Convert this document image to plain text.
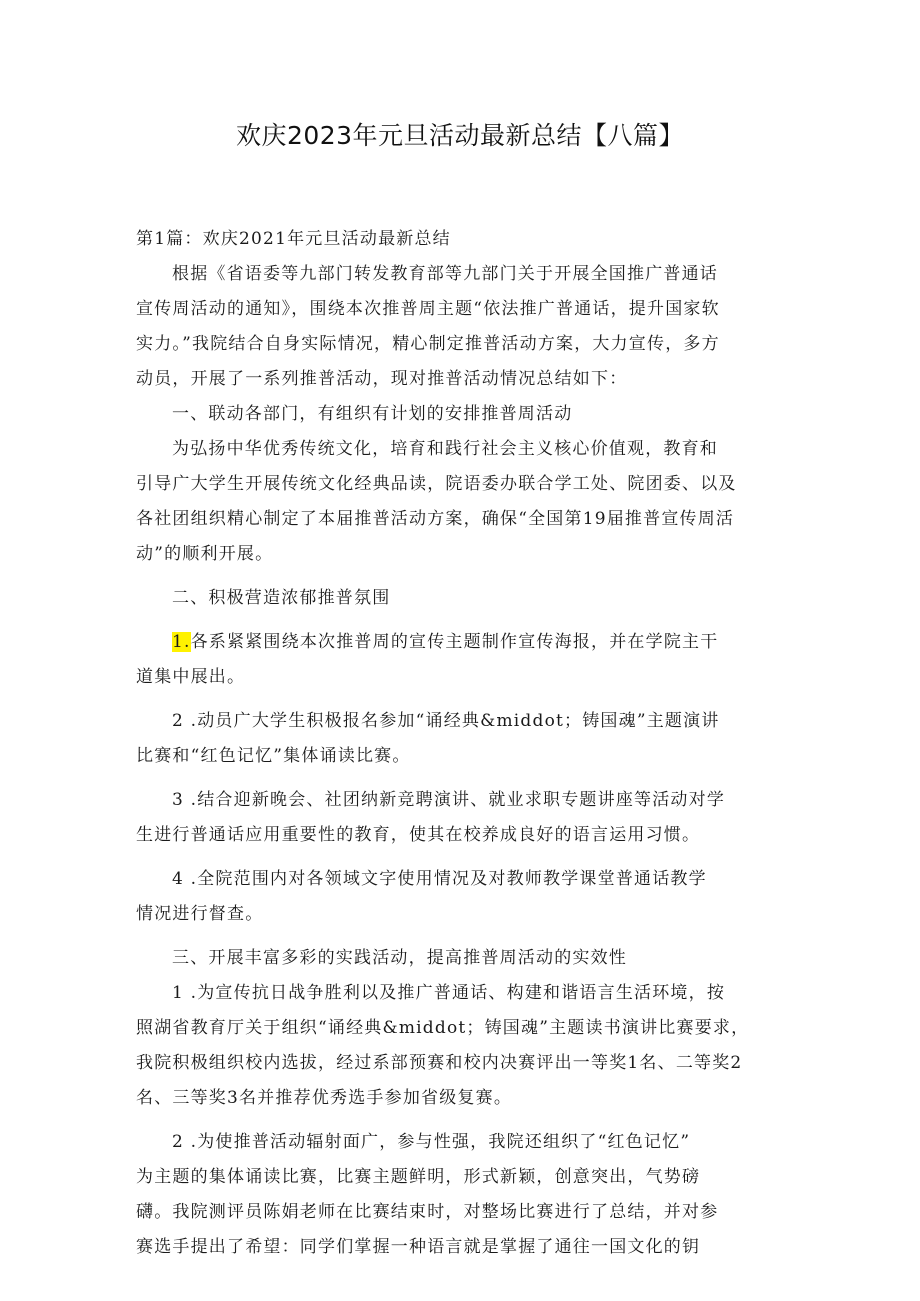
欢庆2023年元旦活动最新总结【八篇】
第1篇：欢庆2021年元旦活动最新总结
根据《省语委等九部门转发教育部等九部门关于开展全国推广普通话
宣传周活动的通知》，围绕本次推普周主题“依法推广普通话，提升国家软
实力。”我院结合自身实际情况，精心制定推普活动方案，大力宣传，多方
动员，开展了一系列推普活动，现对推普活动情况总结如下：
一、联动各部门，有组织有计划的安排推普周活动
为弘扬中华优秀传统文化，培育和践行社会主义核心价值观，教育和
引导广大学生开展传统文化经典品读，院语委办联合学工处、院团委、以及
各社团组织精心制定了本届推普活动方案，确保“全国第19届推普宣传周活
动”的顺利开展。
二、积极营造浓郁推普氛围
1.各系紧紧围绕本次推普周的宣传主题制作宣传海报，并在学院主干
道集中展出。
2 .动员广大学生积极报名参加“诵经典&middot；铸国魂”主题演讲
比赛和“红色记忆”集体诵读比赛。
3 .结合迎新晚会、社团纳新竞聘演讲、就业求职专题讲座等活动对学
生进行普通话应用重要性的教育，使其在校养成良好的语言运用习惯。
4 .全院范围内对各领域文字使用情况及对教师教学课堂普通话教学
情况进行督查。
三、开展丰富多彩的实践活动，提高推普周活动的实效性
1 .为宣传抗日战争胜利以及推广普通话、构建和谐语言生活环境，按
照湖省教育厅关于组织“诵经典&middot；铸国魂”主题读书演讲比赛要求，
我院积极组织校内选拔，经过系部预赛和校内决赛评出一等奖1名、二等奖2
名、三等奖3名并推荐优秀选手参加省级复赛。
2 .为使推普活动辐射面广，参与性强，我院还组织了“红色记忆”
为主题的集体诵读比赛，比赛主题鲜明，形式新颖，创意突出，气势磅
礴。我院测评员陈娟老师在比赛结束时，对整场比赛进行了总结，并对参
赛选手提出了希望：同学们掌握一种语言就是掌握了通往一国文化的钥
